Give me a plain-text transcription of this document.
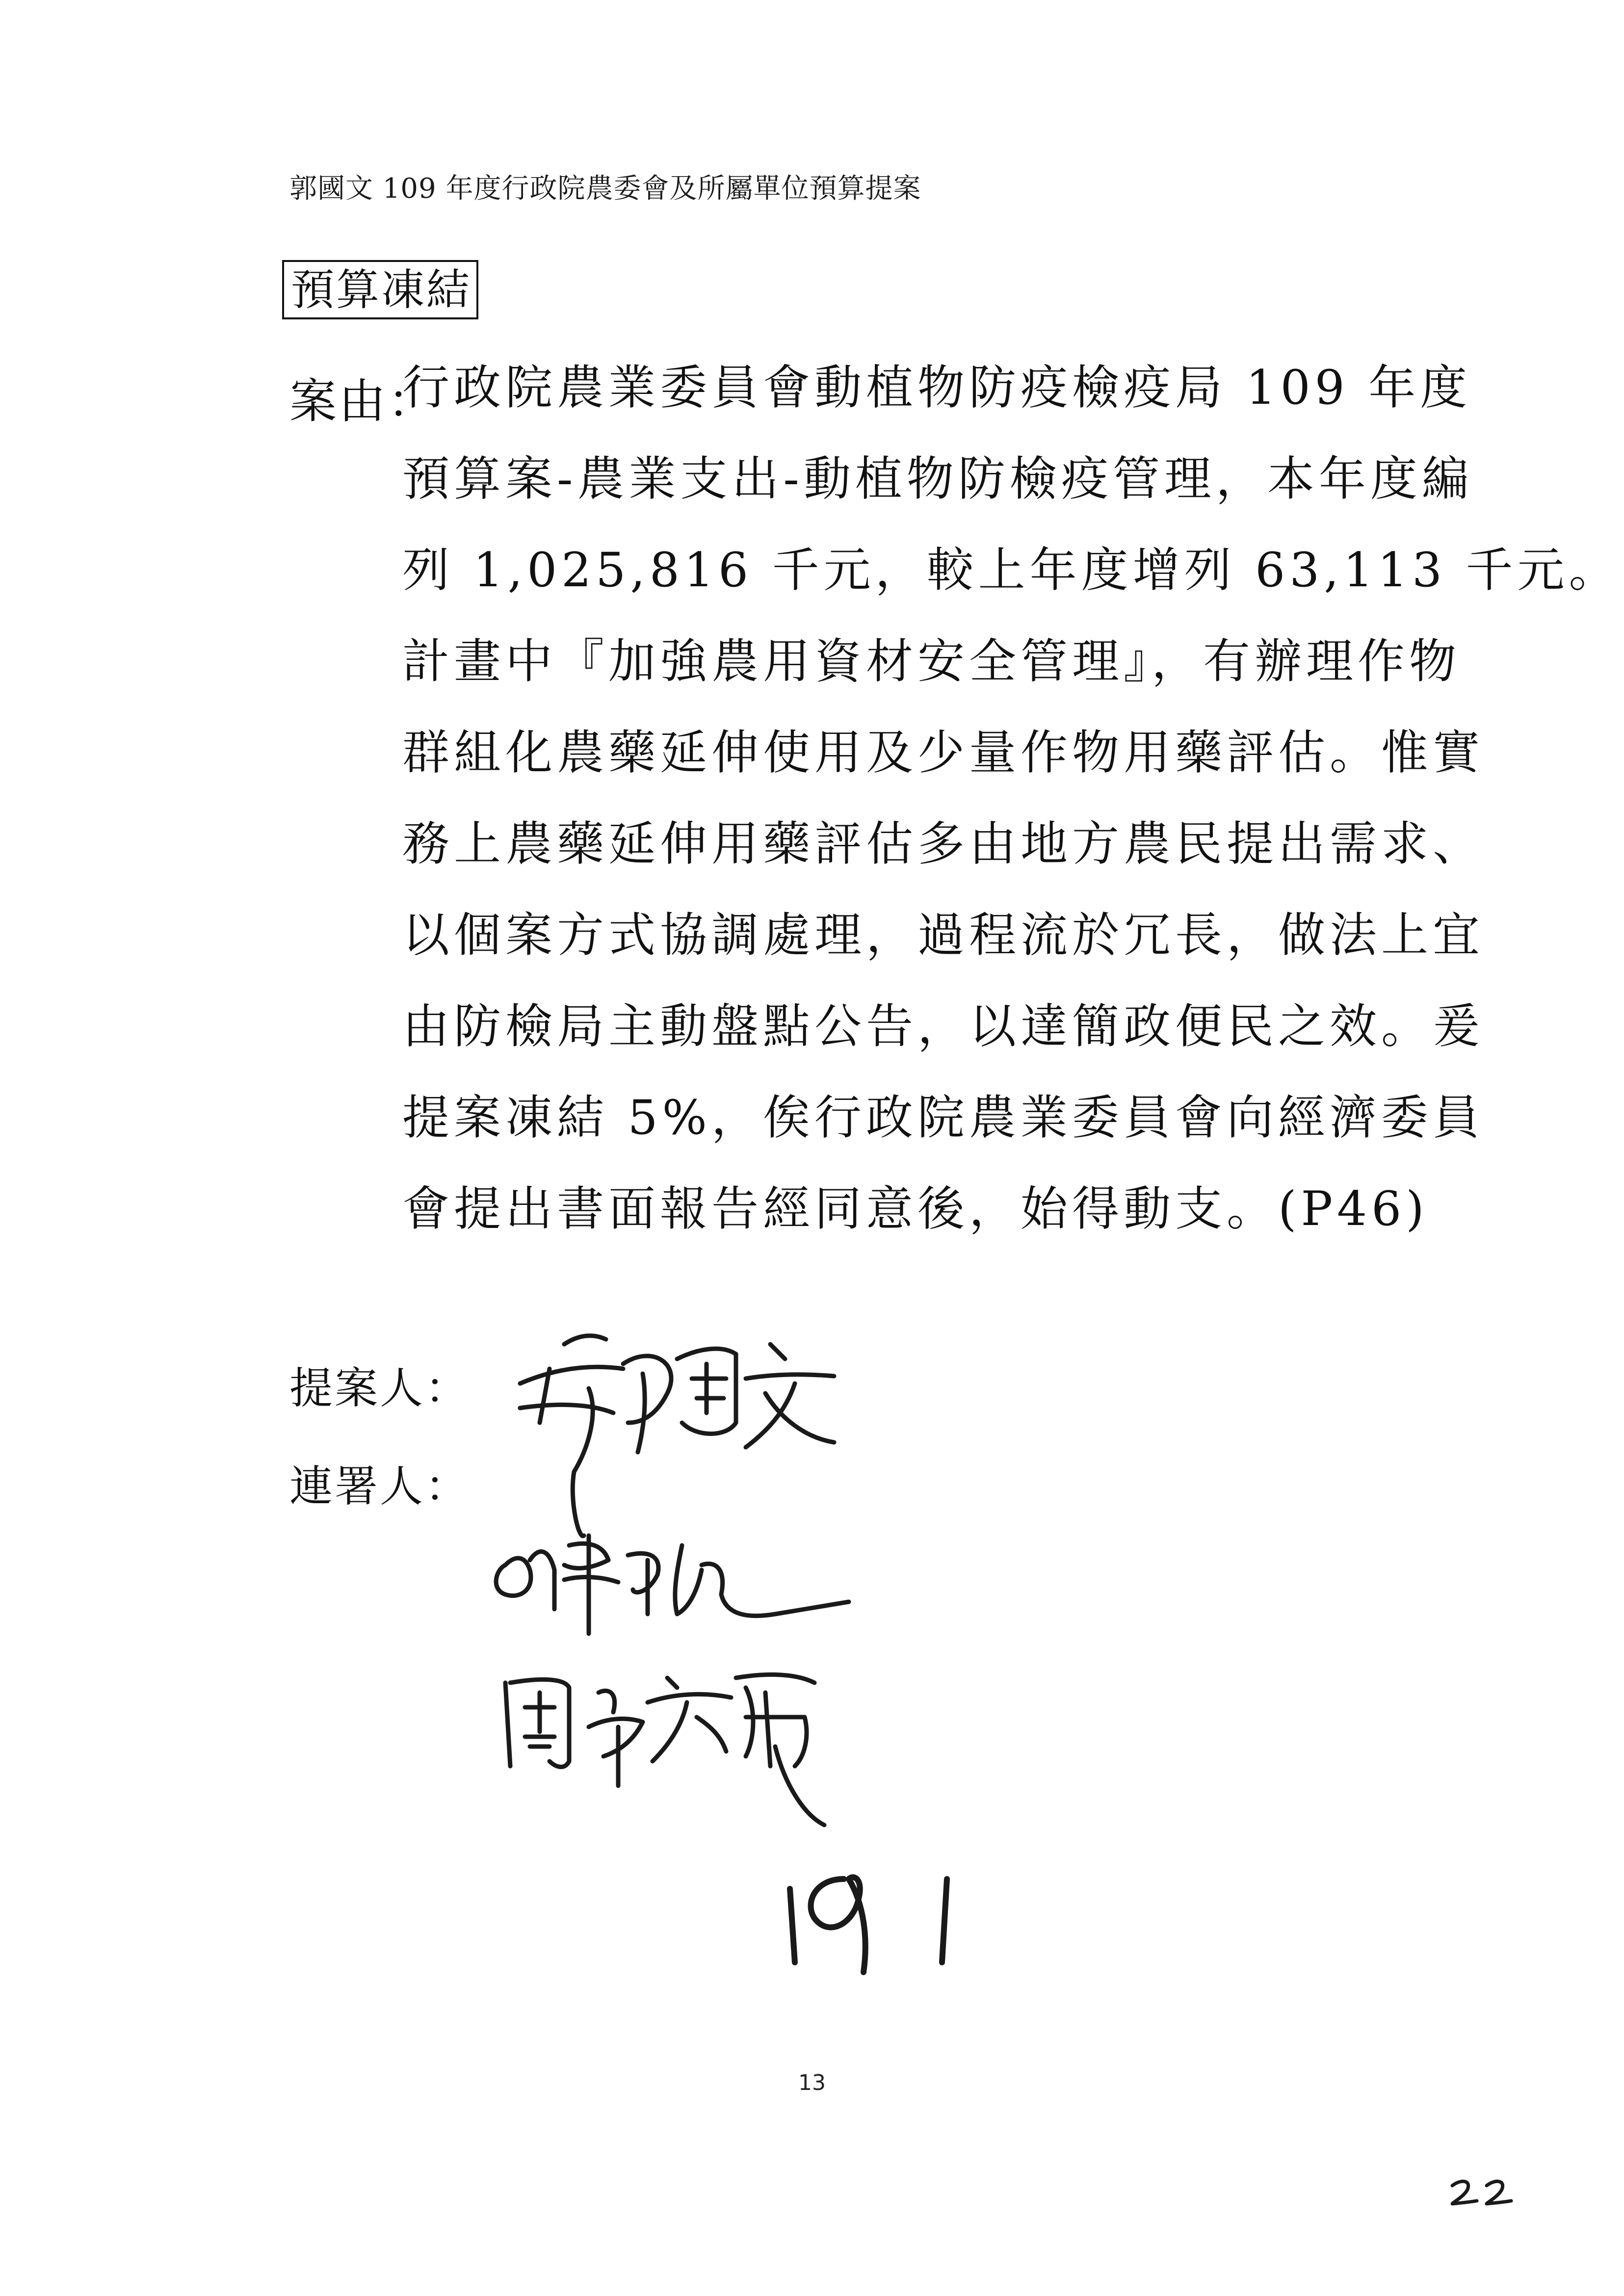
郭國文 109 年度行政院農委會及所屬單位預算提案
預算凍結
案由：
行政院農業委員會動植物防疫檢疫局 109 年度
預算案-農業支出-動植物防檢疫管理，本年度編
列 1,025,816 千元，較上年度增列 63,113 千元。
計畫中『加強農用資材安全管理』，有辦理作物
群組化農藥延伸使用及少量作物用藥評估。惟實
務上農藥延伸用藥評估多由地方農民提出需求、
以個案方式協調處理，過程流於冗長，做法上宜
由防檢局主動盤點公告，以達簡政便民之效。爰
提案凍結 5%，俟行政院農業委員會向經濟委員
會提出書面報告經同意後，始得動支。(P46)
提案人：
連署人：
13
